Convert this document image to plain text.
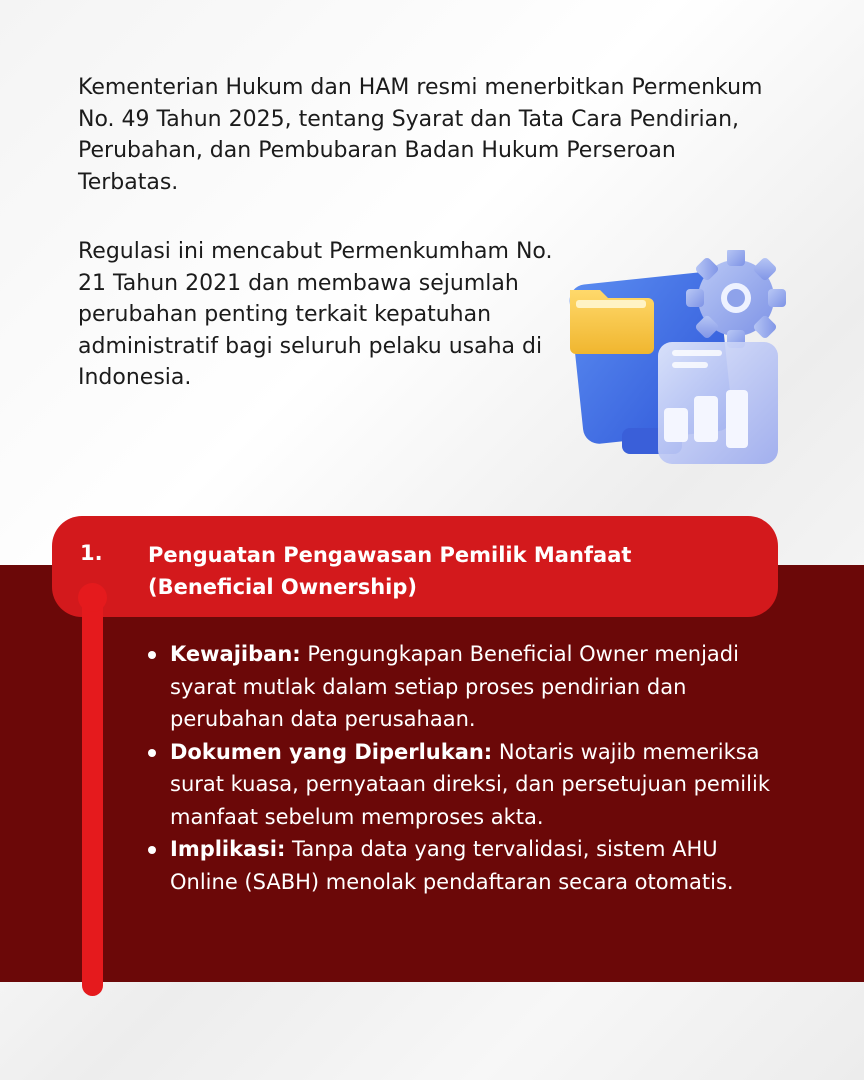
Kementerian Hukum dan HAM resmi menerbitkan Permenkum No. 49 Tahun 2025, tentang Syarat dan Tata Cara Pendirian, Perubahan, dan Pembubaran Badan Hukum Perseroan Terbatas.

Regulasi ini mencabut Permenkumham No. 21 Tahun 2021 dan membawa sejumlah perubahan penting terkait kepatuhan administratif bagi seluruh pelaku usaha di Indonesia.

1. Penguatan Pengawasan Pemilik Manfaat (Beneficial Ownership)

Kewajiban: Pengungkapan Beneficial Owner menjadi syarat mutlak dalam setiap proses pendirian dan perubahan data perusahaan.
Dokumen yang Diperlukan: Notaris wajib memeriksa surat kuasa, pernyataan direksi, dan persetujuan pemilik manfaat sebelum memproses akta.
Implikasi: Tanpa data yang tervalidasi, sistem AHU Online (SABH) menolak pendaftaran secara otomatis.
